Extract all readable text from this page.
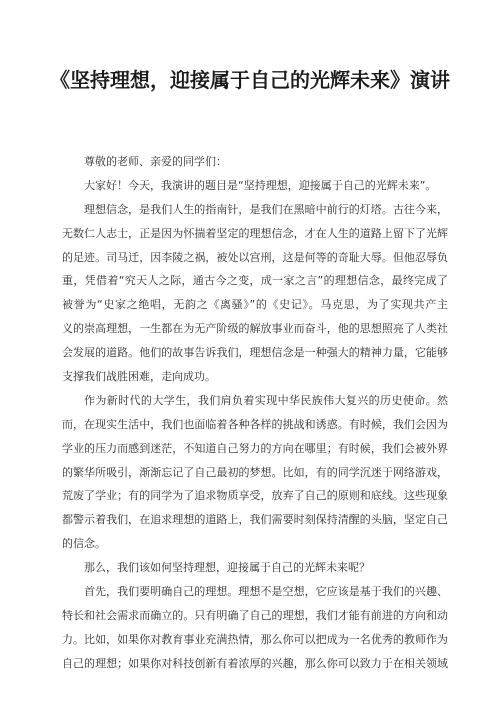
《坚持理想，迎接属于自己的光辉未来》演讲
尊敬的老师、亲爱的同学们：
大家好！今天，我演讲的题目是“坚持理想，迎接属于自己的光辉未来”。
理想信念，是我们人生的指南针，是我们在黑暗中前行的灯塔。古往今来，
无数仁人志士，正是因为怀揣着坚定的理想信念，才在人生的道路上留下了光辉
的足迹。司马迁，因李陵之祸，被处以宫刑，这是何等的奇耻大辱。但他忍辱负
重，凭借着“究天人之际，通古今之变，成一家之言”的理想信念，最终完成了
被誉为“史家之绝唱，无韵之《离骚》”的《史记》。马克思，为了实现共产主
义的崇高理想，一生都在为无产阶级的解放事业而奋斗，他的思想照亮了人类社
会发展的道路。他们的故事告诉我们，理想信念是一种强大的精神力量，它能够
支撑我们战胜困难，走向成功。
作为新时代的大学生，我们肩负着实现中华民族伟大复兴的历史使命。然
而，在现实生活中，我们也面临着各种各样的挑战和诱惑。有时候，我们会因为
学业的压力而感到迷茫，不知道自己努力的方向在哪里；有时候，我们会被外界
的繁华所吸引，渐渐忘记了自己最初的梦想。比如，有的同学沉迷于网络游戏，
荒废了学业；有的同学为了追求物质享受，放弃了自己的原则和底线。这些现象
都警示着我们，在追求理想的道路上，我们需要时刻保持清醒的头脑，坚定自己
的信念。
那么，我们该如何坚持理想，迎接属于自己的光辉未来呢？
首先，我们要明确自己的理想。理想不是空想，它应该是基于我们的兴趣、
特长和社会需求而确立的。只有明确了自己的理想，我们才能有前进的方向和动
力。比如，如果你对教育事业充满热情，那么你可以把成为一名优秀的教师作为
自己的理想；如果你对科技创新有着浓厚的兴趣，那么你可以致力于在相关领域
